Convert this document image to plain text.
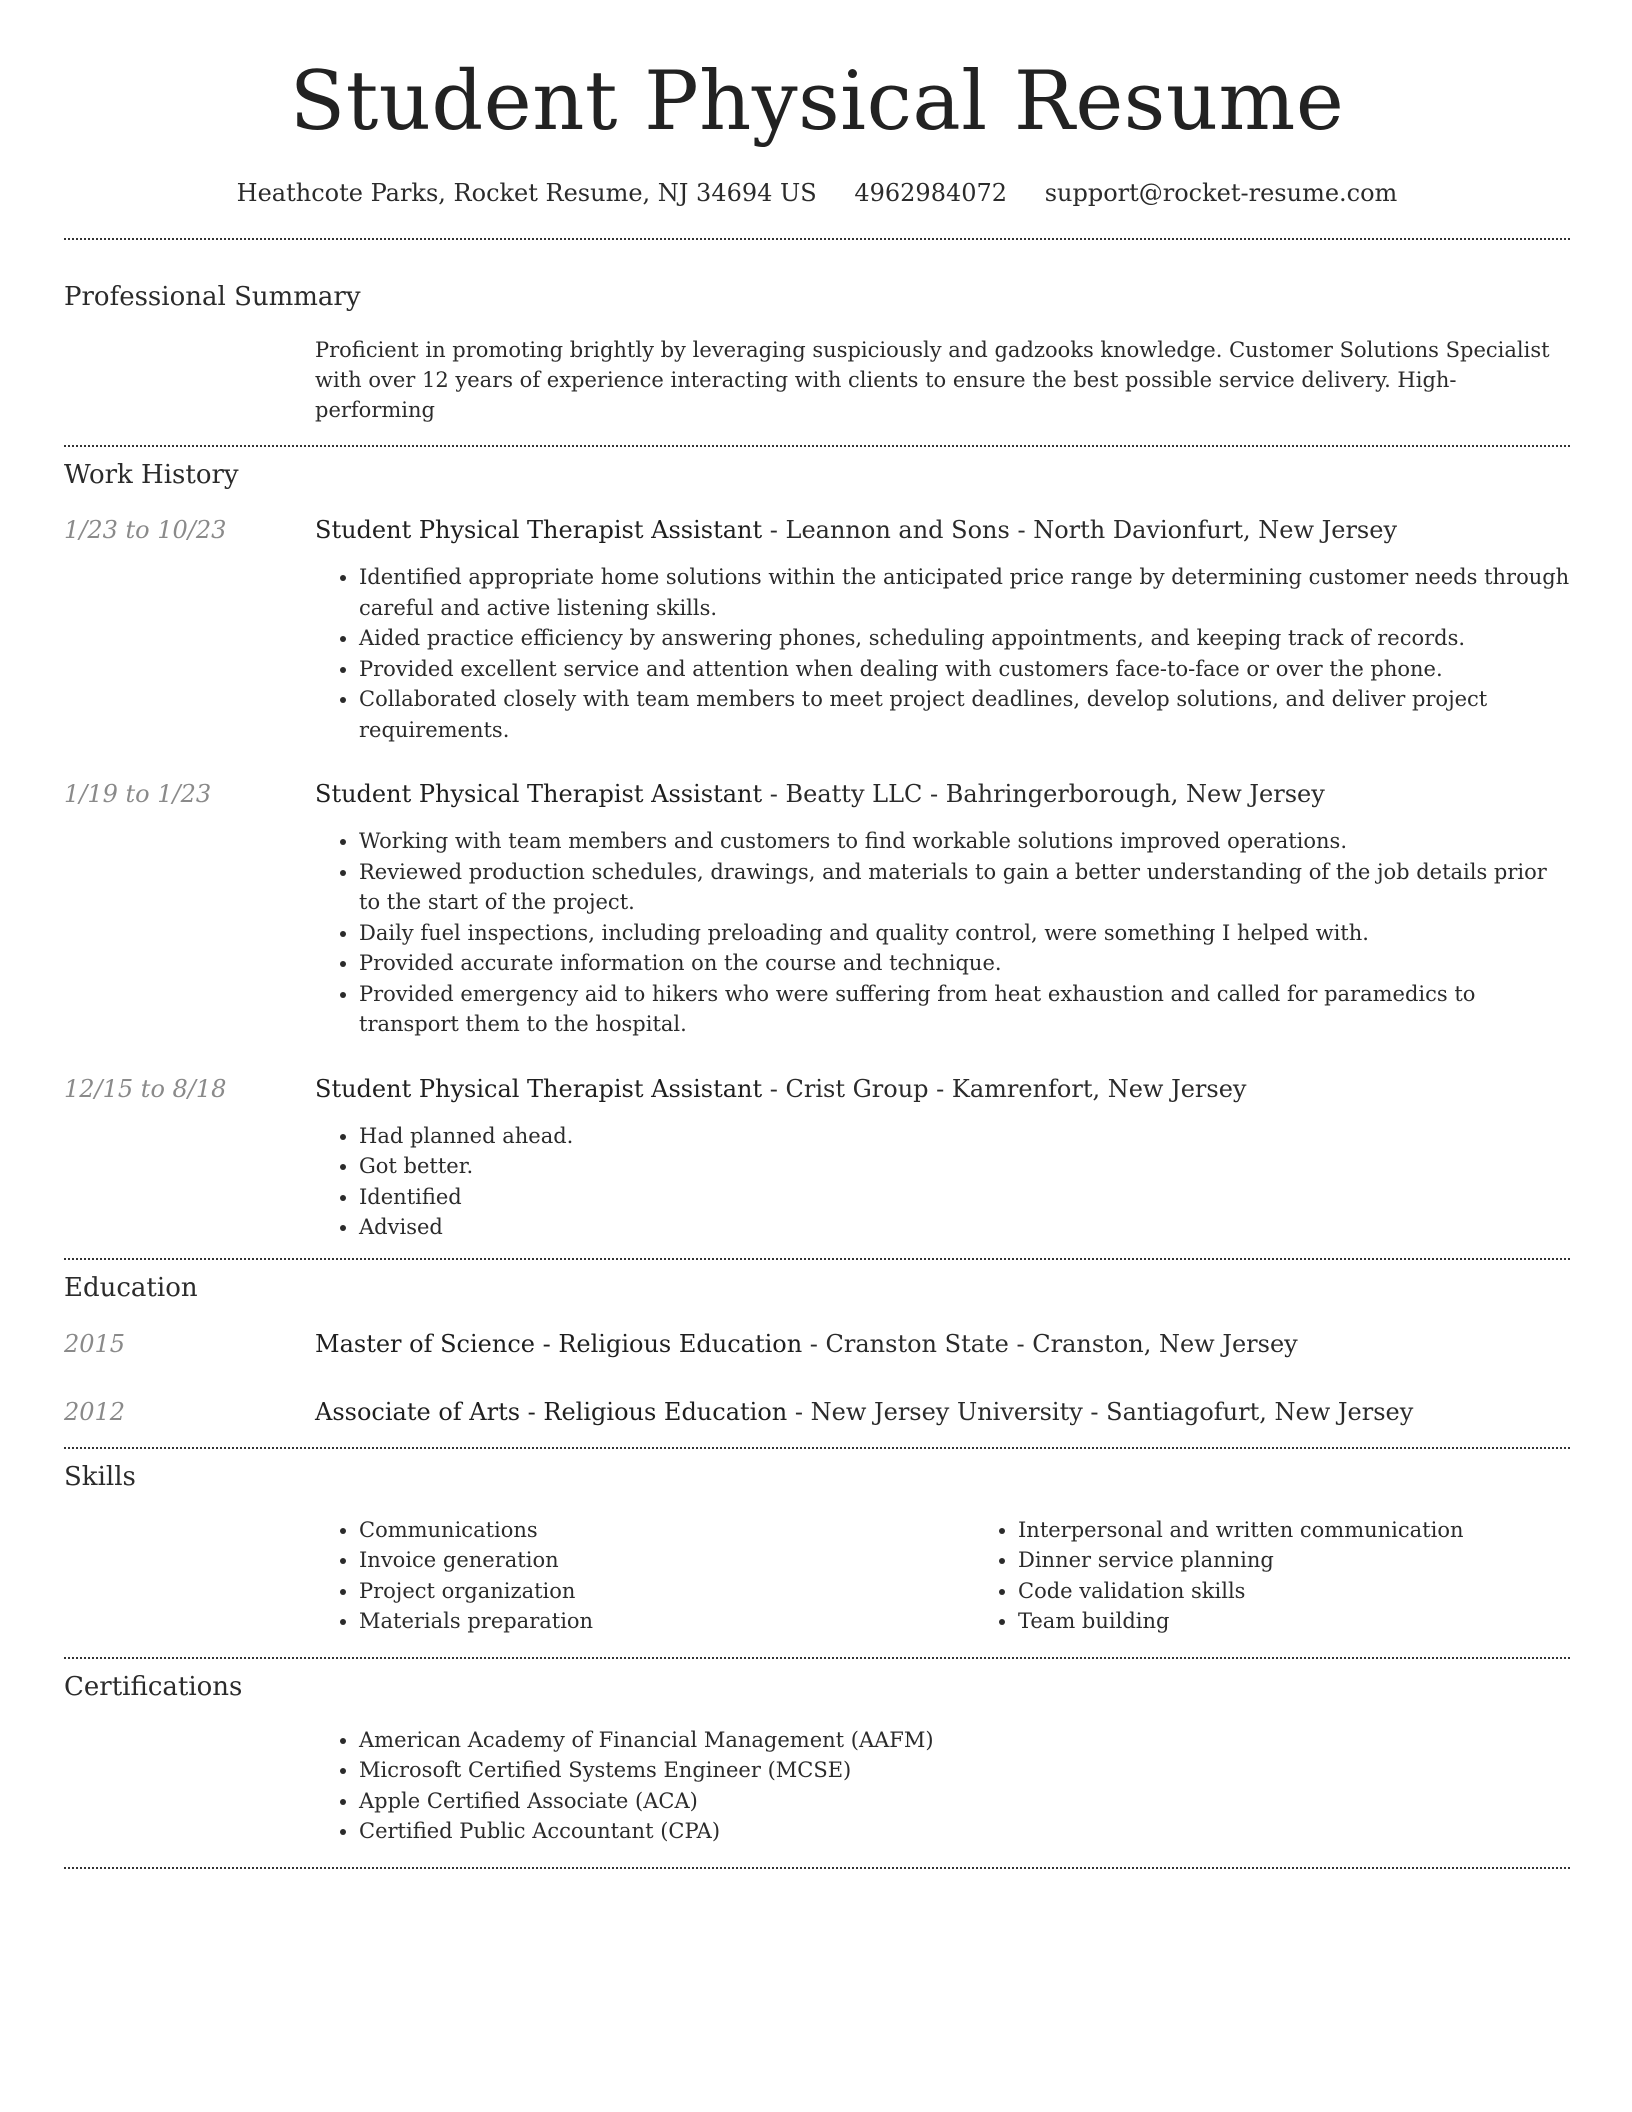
Student Physical Resume
Heathcote Parks, Rocket Resume, NJ 34694 US 4962984072 support@rocket-resume.com
Professional Summary
Proficient in promoting brightly by leveraging suspiciously and gadzooks knowledge. Customer Solutions Specialist with over 12 years of experience interacting with clients to ensure the best possible service delivery. High-performing
Work History
1/23 to 10/23	Student Physical Therapist Assistant - Leannon and Sons - North Davionfurt, New Jersey
• Identified appropriate home solutions within the anticipated price range by determining customer needs through careful and active listening skills.
• Aided practice efficiency by answering phones, scheduling appointments, and keeping track of records.
• Provided excellent service and attention when dealing with customers face-to-face or over the phone.
• Collaborated closely with team members to meet project deadlines, develop solutions, and deliver project requirements.
1/19 to 1/23	Student Physical Therapist Assistant - Beatty LLC - Bahringerborough, New Jersey
• Working with team members and customers to find workable solutions improved operations.
• Reviewed production schedules, drawings, and materials to gain a better understanding of the job details prior to the start of the project.
• Daily fuel inspections, including preloading and quality control, were something I helped with.
• Provided accurate information on the course and technique.
• Provided emergency aid to hikers who were suffering from heat exhaustion and called for paramedics to transport them to the hospital.
12/15 to 8/18	Student Physical Therapist Assistant - Crist Group - Kamrenfort, New Jersey
• Had planned ahead.
• Got better.
• Identified
• Advised
Education
2015	Master of Science - Religious Education - Cranston State - Cranston, New Jersey
2012	Associate of Arts - Religious Education - New Jersey University - Santiagofurt, New Jersey
Skills
• Communications
• Invoice generation
• Project organization
• Materials preparation
• Interpersonal and written communication
• Dinner service planning
• Code validation skills
• Team building
Certifications
• American Academy of Financial Management (AAFM)
• Microsoft Certified Systems Engineer (MCSE)
• Apple Certified Associate (ACA)
• Certified Public Accountant (CPA)
